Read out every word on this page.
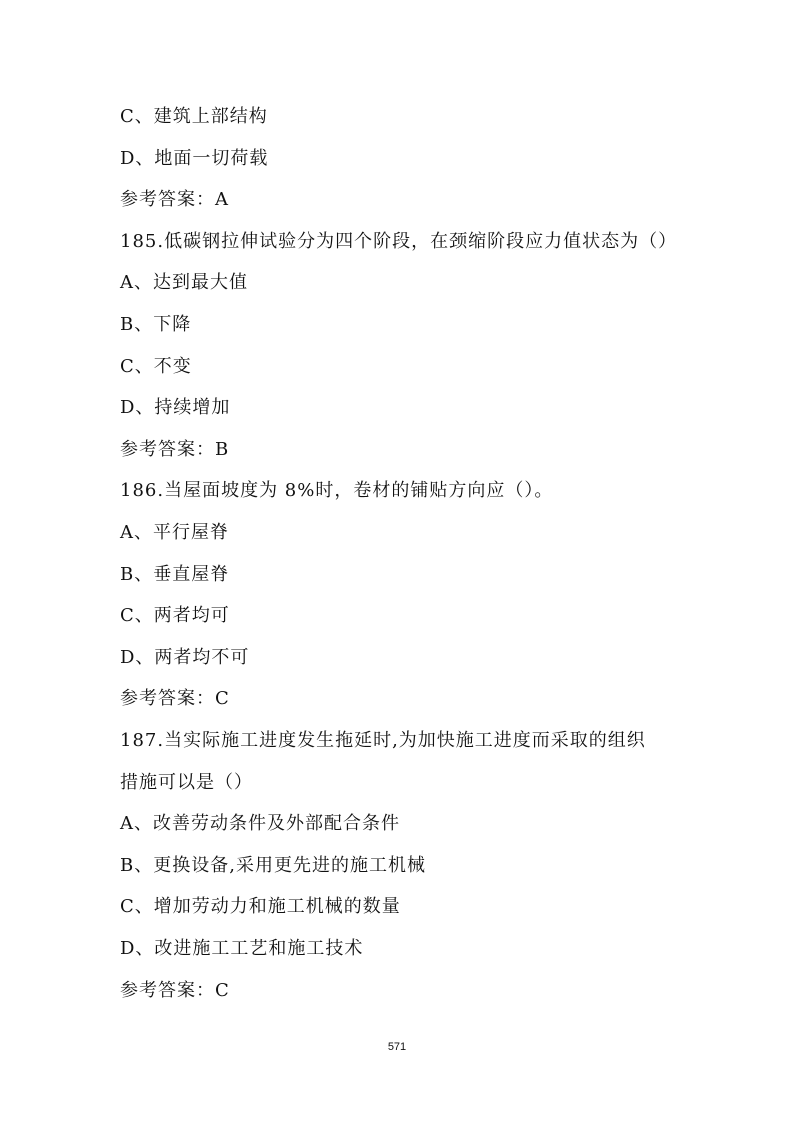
C、建筑上部结构
D、地面一切荷载
参考答案：A
185.低碳钢拉伸试验分为四个阶段，在颈缩阶段应力值状态为（）
A、达到最大值
B、下降
C、不变
D、持续增加
参考答案：B
186.当屋面坡度为 8%时，卷材的铺贴方向应（）。
A、平行屋脊
B、垂直屋脊
C、两者均可
D、两者均不可
参考答案：C
187.当实际施工进度发生拖延时,为加快施工进度而采取的组织
措施可以是（）
A、改善劳动条件及外部配合条件
B、更换设备,采用更先进的施工机械
C、增加劳动力和施工机械的数量
D、改进施工工艺和施工技术
参考答案：C
571
